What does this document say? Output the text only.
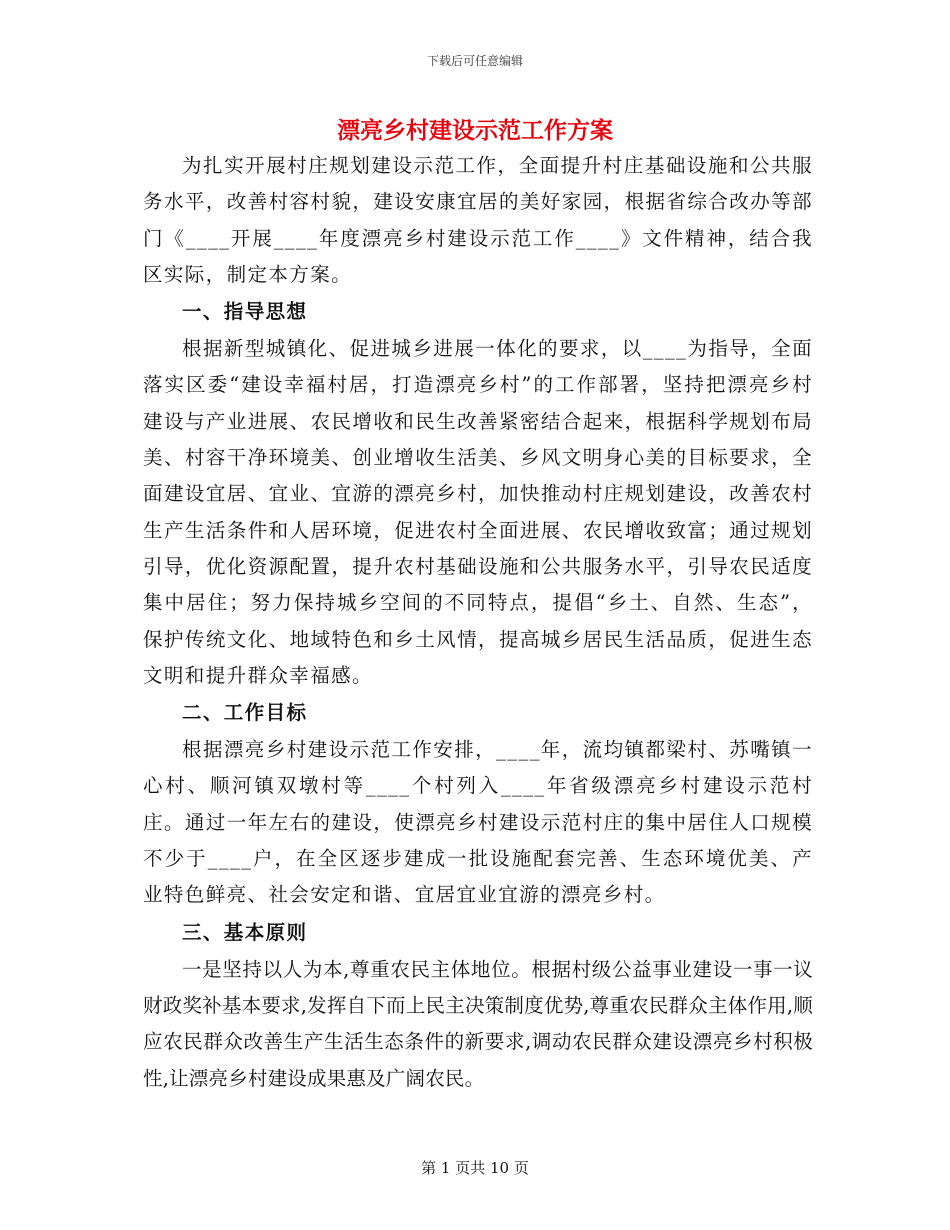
下载后可任意编辑
漂亮乡村建设示范工作方案

为扎实开展村庄规划建设示范工作，全面提升村庄基础设施和公共服务水平，改善村容村貌，建设安康宜居的美好家园，根据省综合改办等部门《____开展____年度漂亮乡村建设示范工作____》文件精神，结合我区实际，制定本方案。

一、指导思想

根据新型城镇化、促进城乡进展一体化的要求，以____为指导，全面落实区委“建设幸福村居，打造漂亮乡村”的工作部署，坚持把漂亮乡村建设与产业进展、农民增收和民生改善紧密结合起来，根据科学规划布局美、村容干净环境美、创业增收生活美、乡风文明身心美的目标要求，全面建设宜居、宜业、宜游的漂亮乡村，加快推动村庄规划建设，改善农村生产生活条件和人居环境，促进农村全面进展、农民增收致富；通过规划引导，优化资源配置，提升农村基础设施和公共服务水平，引导农民适度集中居住；努力保持城乡空间的不同特点，提倡“乡土、自然、生态”，保护传统文化、地域特色和乡土风情，提高城乡居民生活品质，促进生态文明和提升群众幸福感。

二、工作目标

根据漂亮乡村建设示范工作安排，____年，流均镇都梁村、苏嘴镇一心村、顺河镇双墩村等____个村列入____年省级漂亮乡村建设示范村庄。通过一年左右的建设，使漂亮乡村建设示范村庄的集中居住人口规模不少于____户，在全区逐步建成一批设施配套完善、生态环境优美、产业特色鲜亮、社会安定和谐、宜居宜业宜游的漂亮乡村。

三、基本原则

一是坚持以人为本,尊重农民主体地位。根据村级公益事业建设一事一议财政奖补基本要求,发挥自下而上民主决策制度优势,尊重农民群众主体作用,顺应农民群众改善生产生活生态条件的新要求,调动农民群众建设漂亮乡村积极性,让漂亮乡村建设成果惠及广阔农民。

第 1 页共 10 页
